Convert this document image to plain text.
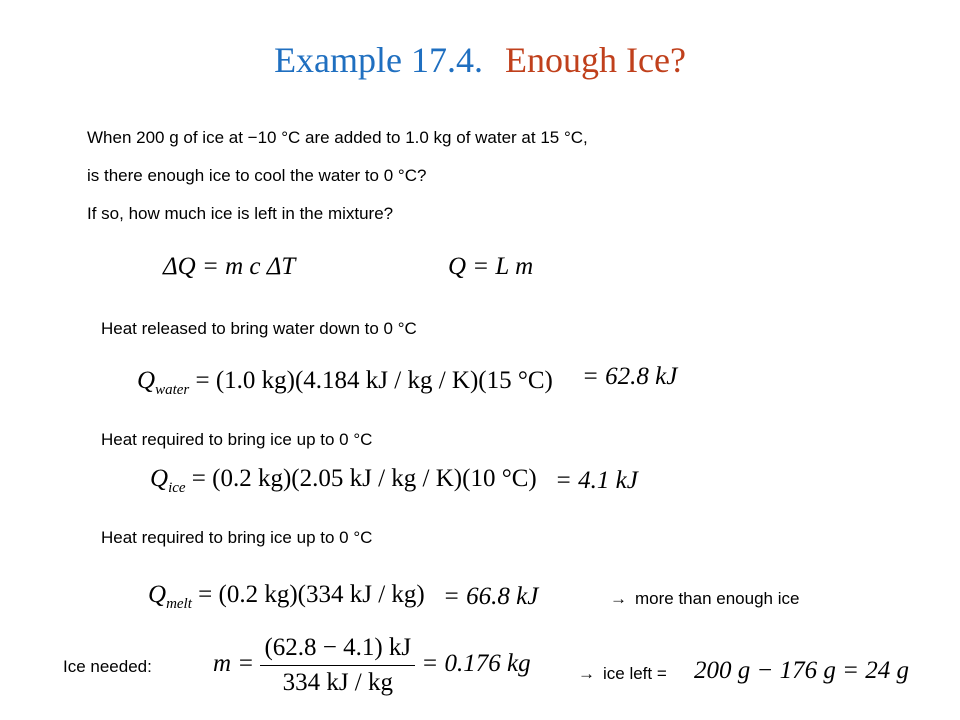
Example 17.4. Enough Ice?
When 200 g of ice at −10 °C are added to 1.0 kg of water at 15 °C,
is there enough ice to cool the water to 0 °C?
If so, how much ice is left in the mixture?
ΔQ = m c ΔT	Q = L m
Heat released to bring water down to 0 °C
$Q_{water} = (1.0$ kg)(4.184 kJ / kg / K)(15 °C) = 62.8 kJ
Heat required to bring ice up to 0 °C
$Q_{ice} = (0.2$ kg)(2.05 kJ / kg / K)(10 °C) = 4.1 kJ
Heat required to bring ice up to 0 °C
$Q_{melt} = (0.2$ kg)(334 kJ / kg) = 66.8 kJ	→ more than enough ice
Ice needed: $m = \frac{(62.8 - 4.1) kJ}{334 kJ / kg} = 0.176$ kg	→ ice left = 200 g − 176 g = 24 g
